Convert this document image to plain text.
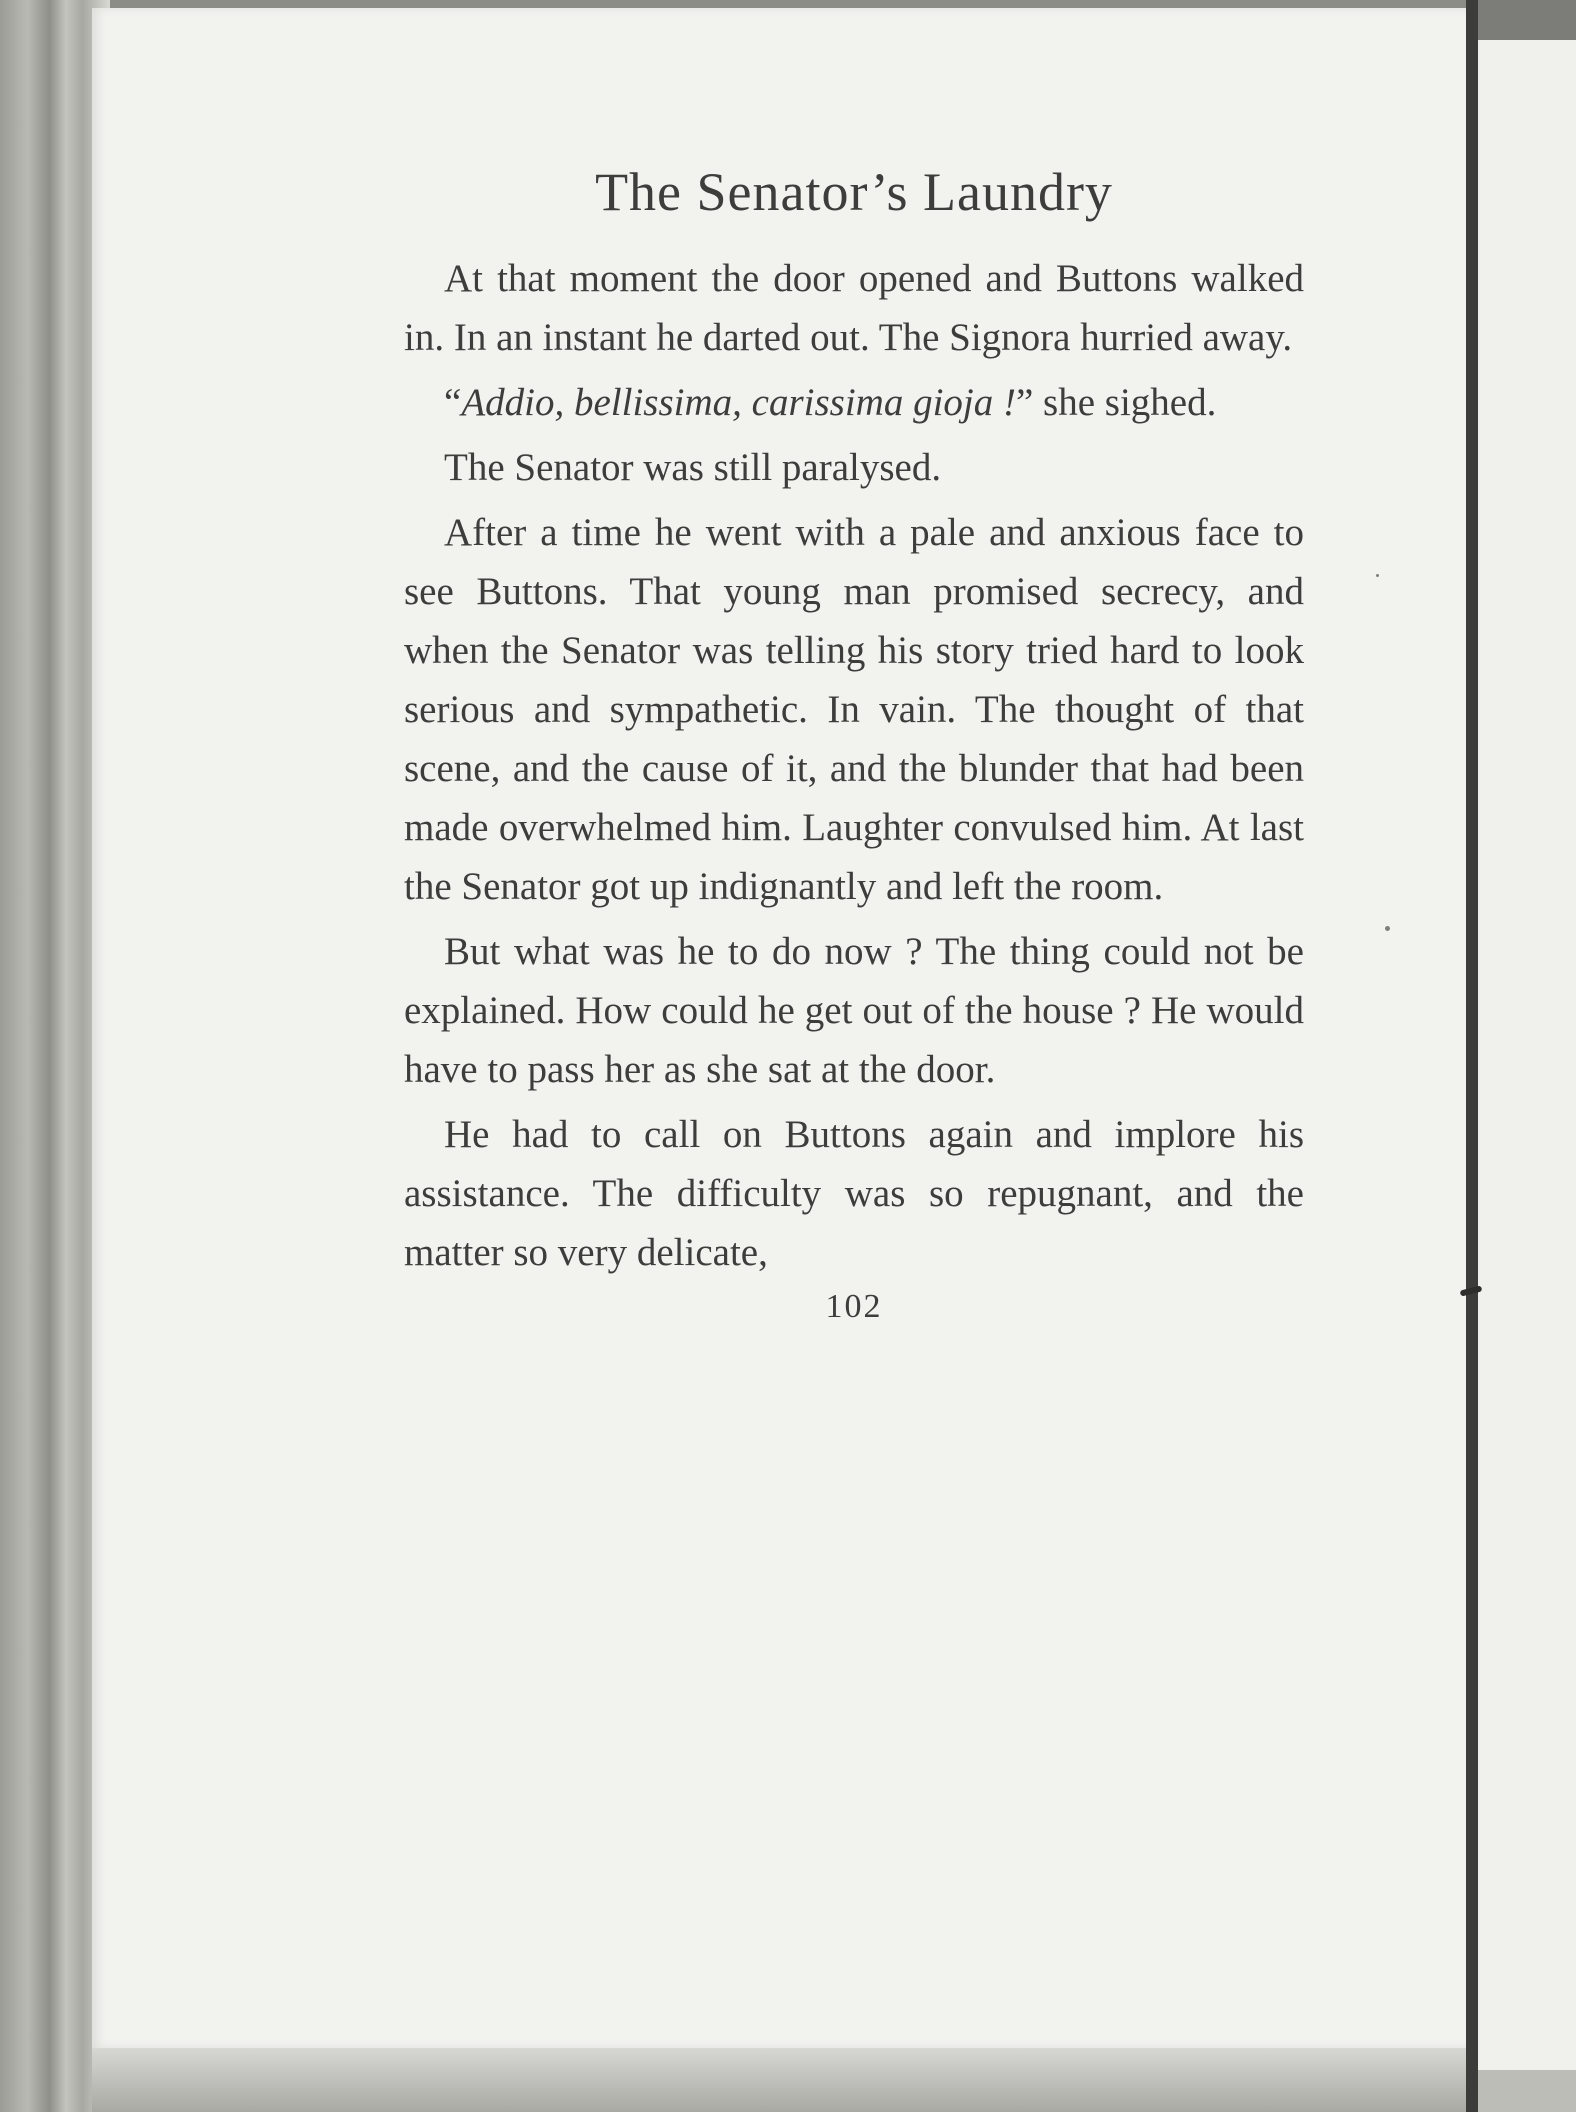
The Senator’s Laundry

At that moment the door opened and Buttons walked in. In an instant he darted out. The Signora hurried away.

“Addio, bellissima, carissima gioja !” she sighed.

The Senator was still paralysed.

After a time he went with a pale and anxious face to see Buttons. That young man promised secrecy, and when the Senator was telling his story tried hard to look serious and sympathetic. In vain. The thought of that scene, and the cause of it, and the blunder that had been made overwhelmed him. Laughter convulsed him. At last the Senator got up indignantly and left the room.

But what was he to do now ? The thing could not be explained. How could he get out of the house ? He would have to pass her as she sat at the door.

He had to call on Buttons again and implore his assistance. The difficulty was so repugnant, and the matter so very delicate,

102
